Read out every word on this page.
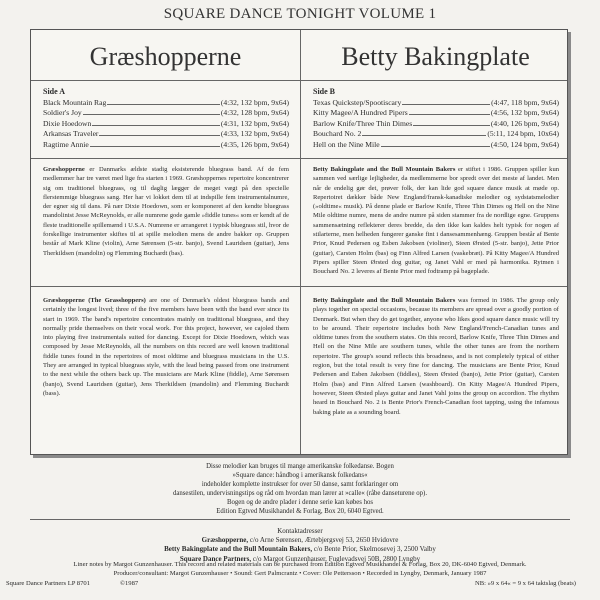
SQUARE DANCE TONIGHT VOLUME 1
Græshopperne	Betty Bakingplate
Side A
Black Mountain Rag	(4:32, 132 bpm, 9x64)
Soldier's Joy	(4:32, 128 bpm, 9x64)
Dixie Hoedown	(4:31, 132 bpm, 9x64)
Arkansas Traveler	(4:33, 132 bpm, 9x64)
Ragtime Annie	(4:35, 126 bpm, 9x64)
Side B
Texas Quickstep/Spootiscary	(4:47, 118 bpm, 9x64)
Kitty Magee/A Hundred Pipers	(4:56, 132 bpm, 9x64)
Barlow Knife/Three Thin Dimes	(4:40, 126 bpm, 9x64)
Bouchard No. 2	(5:11, 124 bpm, 10x64)
Hell on the Nine Mile	(4:50, 124 bpm, 9x64)
Græshopperne er Danmarks ældste stadig eksisterende bluegrass band. Af de fem medlemmer har tre været med lige fra starten i 1969. Græshoppernes repertoire koncentrerer sig om traditionel bluegrass, og til daglig lægger de meget vægt på den specielle flerstemmige bluegrass sang. Her har vi lokket dem til at indspille fem instrumentalnumre, der egner sig til dans. På nær Dixie Hoedown, som er komponeret af den kendte bluegrass mandolinist Jesse McReynolds, er alle numrene gode gamle »fiddle tunes« som er kendt af de fleste traditionelle spillemænd i U.S.A. Numrene er arrangeret i typisk bluegrass stil, hvor de forskellige instrumenter skiftes til at spille melodien mens de andre bakker op. Gruppen består af Mark Kline (violin), Arne Sørensen (5-str. banjo), Svend Lauridsen (guitar), Jens Therkildsen (mandolin) og Flemming Buchardt (bas).
Betty Bakingplate and the Bull Mountain Bakers er stiftet i 1986. Gruppen spiller kun sammen ved særlige lejligheder, da medlemmerne bor spredt over det meste af landet. Men når de endelig gør det, prøver folk, der kan lide god square dance musik at møde op. Repertoiret dækker både New England/fransk-kanadiske melodier og sydstatsmelodier (»oldtime« musik). På denne plade er Barlow Knife, Three Thin Dimes og Hell on the Nine Mile oldtime numre, mens de andre numre på siden stammer fra de nordlige egne. Gruppens sammensætning reflekterer deres bredde, da den ikke kan kaldes helt typisk for nogen af stilarterne, men helheden fungerer ganske fint i dansesammenhæng. Gruppen består af Bente Prior, Knud Pedersen og Esben Jakobsen (violiner), Steen Ørsted (5-str. banjo), Jette Prior (guitar), Carsten Holm (bas) og Finn Alfred Larsen (vaskebræt). På Kitty Magee/A Hundred Pipers spiller Steen Ørsted dog guitar, og Janet Vahl er med på harmonika. Rytmen i Bouchard No. 2 leveres af Bente Prior med fodtramp på bageplade.
Græshopperne (The Grasshoppers) are one of Denmark's oldest bluegrass bands and certainly the longest lived; three of the five members have been with the band ever since its start in 1969. The band's repertoire concentrates mainly on traditional bluegrass, and they normally pride themselves on their vocal work. For this project, however, we cajoled them into playing five instrumentals suited for dancing. Except for Dixie Hoedown, which was composed by Jesse McReynolds, all the numbers on this record are well known traditional fiddle tunes found in the repertoires of most oldtime and bluegrass musicians in the U.S. They are arranged in typical bluegrass style, with the lead being passed from one instrument to the next while the others back up. The musicians are Mark Kline (fiddle), Arne Sørensen (banjo), Svend Lauridsen (guitar), Jens Therkildsen (mandolin) and Flemming Buchardt (bass).
Betty Bakingplate and the Bull Mountain Bakers was formed in 1986. The group only plays together on special occasions, because its members are spread over a goodly portion of Denmark. But when they do get together, anyone who likes good square dance music will try to be around. Their repertoire includes both New England/French-Canadian tunes and oldtime tunes from the southern states. On this record, Barlow Knife, Three Thin Dimes and Hell on the Nine Mile are southern tunes, while the other tunes are from the northern repertoire. The group's sound reflects this broadness, and is not completely typical of either region, but the total result is very fine for dancing. The musicians are Bente Prior, Knud Pedersen and Esben Jakobsen (fiddles), Steen Ørsted (banjo), Jette Prior (guitar), Carsten Holm (bas) and Finn Alfred Larsen (washboard). On Kitty Magee/A Hundred Pipers, however, Steen Ørsted plays guitar and Janet Vahl joins the group on accordion. The rhythm heard in Bouchard No. 2 is Bente Prior's French-Canadian foot tapping, using the infamous baking plate as a sounding board.
Disse melodier kan bruges til mange amerikanske folkedanse. Bogen
»Square dance: håndbog i amerikansk folkedans«
indeholder komplette instrukser for over 50 danse, samt forklaringer om
dansestilen, undervisningstips og råd om hvordan man lærer at »calle« (råbe danseturene op).
Bogen og de andre plader i denne serie kan købes hos
Edition Egtved Musikhandel & Forlag, Box 20, 6040 Egtved.
Kontaktadresser
Græshopperne, c/o Arne Sørensen, Ærtebjergsvej 53, 2650 Hvidovre
Betty Bakingplate and the Bull Mountain Bakers, c/o Bente Prior, Skelmosevej 3, 2500 Valby
Square Dance Partners, c/o Margot Gunzenhauser, Fuglevadsvej 50B, 2800 Lyngby
Liner notes by Margot Gunzenhauser. This record and related materials can be purchased from Edition Egtved Musikhandel & Forlag, Box 20, DK-6040 Egtved, Denmark.
Producer/consultant: Margot Gunzenhauser • Sound: Gert Palmcrantz • Cover: Ole Pettersson • Recorded in Lyngby, Denmark, January 1987
Square Dance Partners LP 8701	©1987	NB: »9 x 64« = 9 x 64 taktslag (beats)
